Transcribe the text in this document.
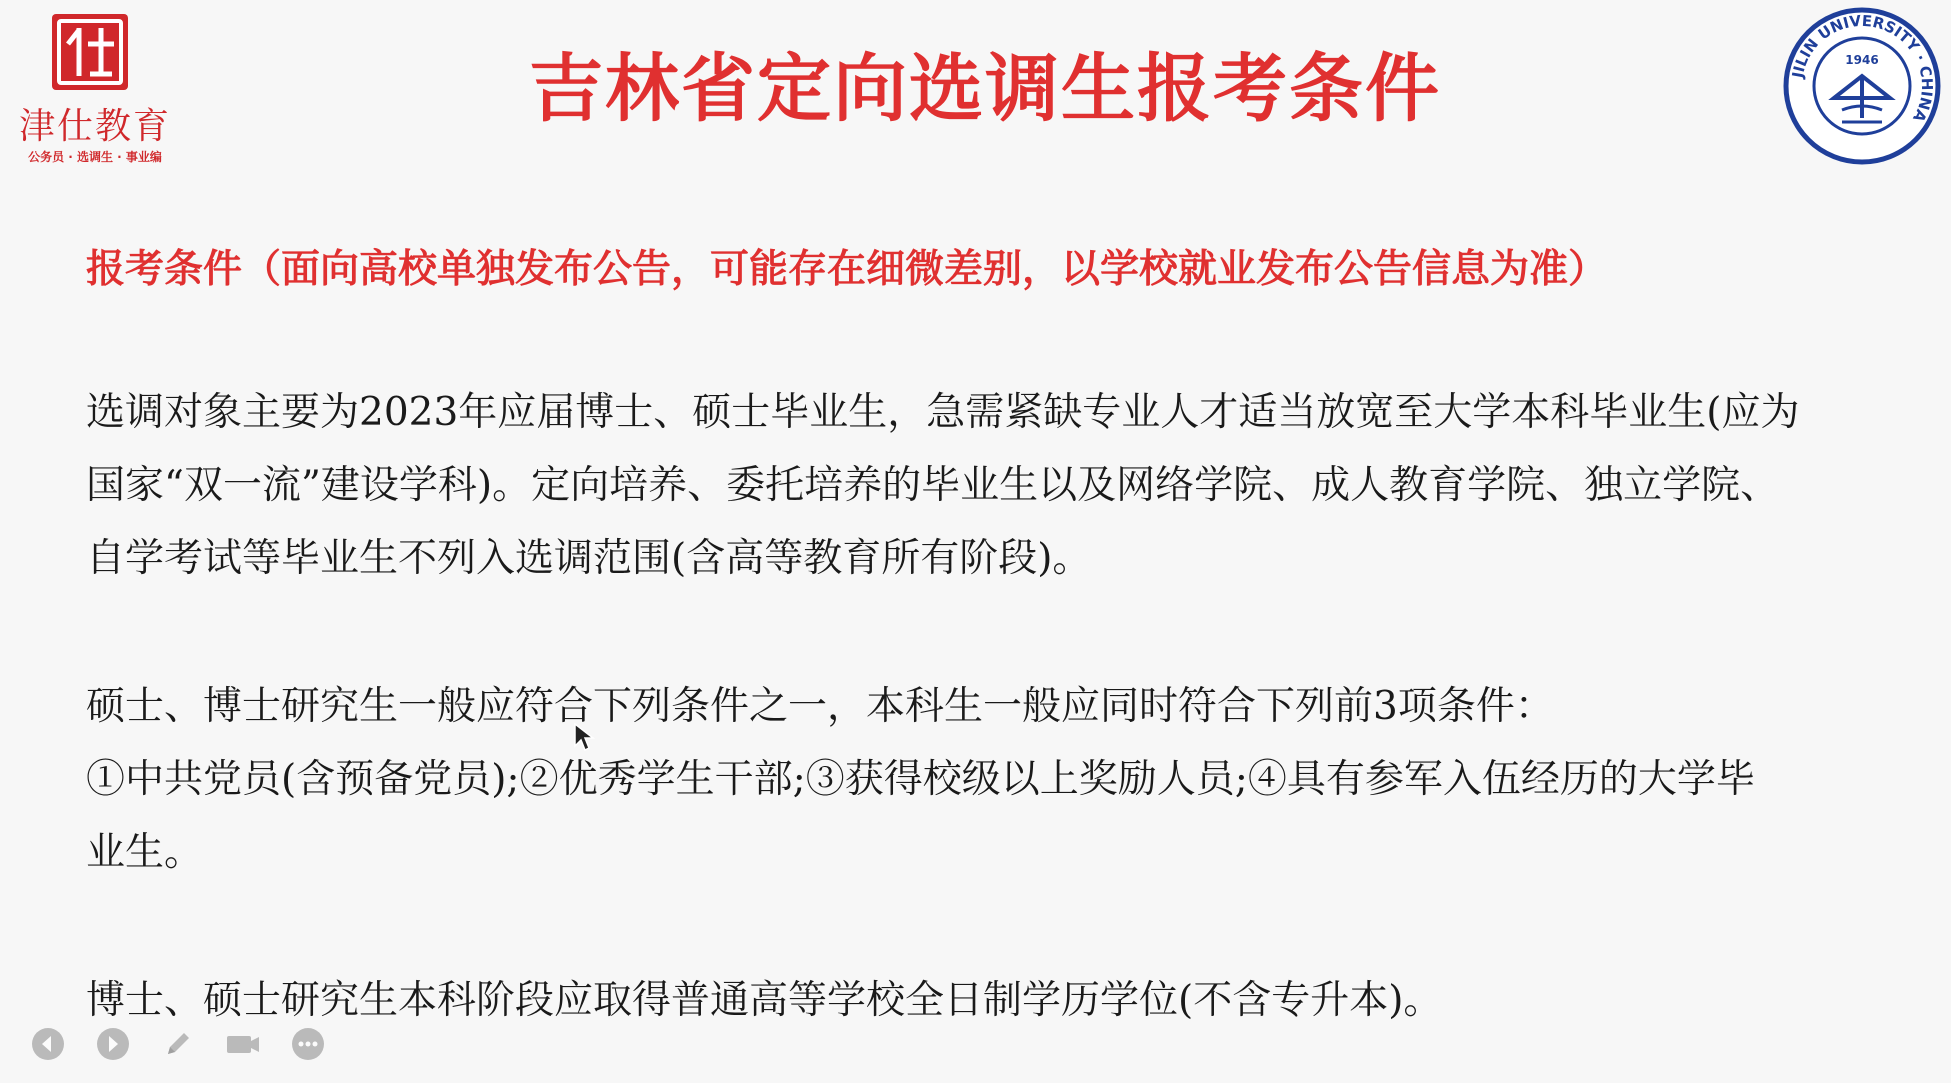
津仕教育
公务员 · 选调生 · 事业编
吉林省定向选调生报考条件	JILIN UNIVERSITY · CHINA
1946
报考条件（面向高校单独发布公告，可能存在细微差别，以学校就业发布公告信息为准）
选调对象主要为2023年应届博士、硕士毕业生，急需紧缺专业人才适当放宽至大学本科毕业生(应为
国家“双一流”建设学科)。定向培养、委托培养的毕业生以及网络学院、成人教育学院、独立学院、
自学考试等毕业生不列入选调范围(含高等教育所有阶段)。
硕士、博士研究生一般应符合下列条件之一，本科生一般应同时符合下列前3项条件：
①中共党员(含预备党员);②优秀学生干部;③获得校级以上奖励人员;④具有参军入伍经历的大学毕
业生。
博士、硕士研究生本科阶段应取得普通高等学校全日制学历学位(不含专升本)。
